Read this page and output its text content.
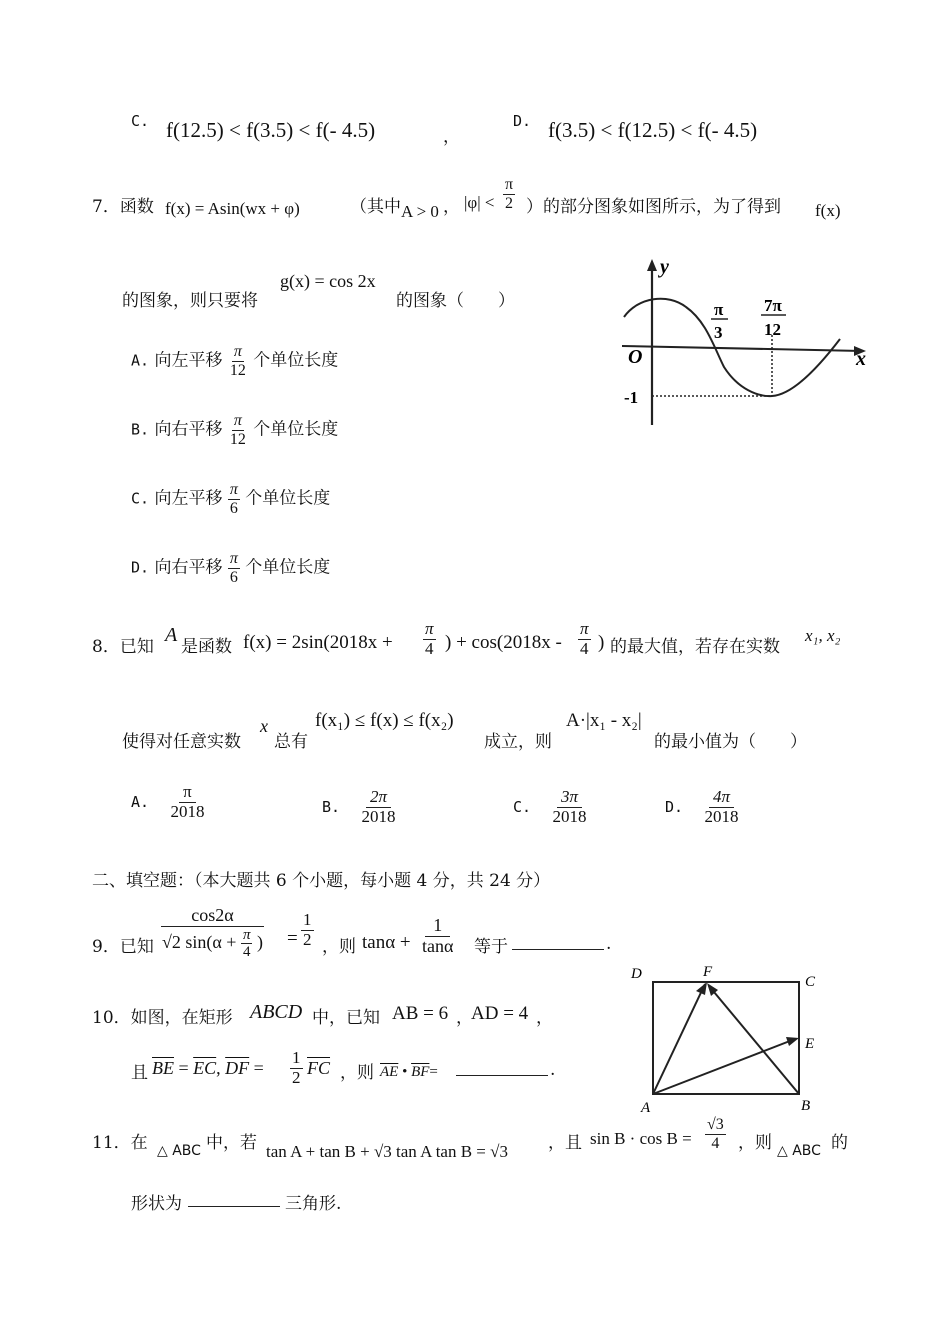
C. f(12.5) < f(3.5) < f(- 4.5)	，
D. f(3.5) < f(12.5) < f(- 4.5)
7．函数 f(x) = Asin(wx + φ)	（其中 A > 0 ， $|\varphi| < \frac{\pi}{2}$ ）的部分图象如图所示，为了得到 f(x)
的图象，则只要将
g(x) = cos 2x
的图象（　　）
A. 向左平移 $\frac{\pi}{12}$ 个单位长度
B. 向右平移 $\frac{\pi}{12}$ 个单位长度
C. 向左平移 $\frac{\pi}{6}$ 个单位长度
D. 向右平移 $\frac{\pi}{6}$ 个单位长度
y
x
O
-1
π
3
7π
12
8．已知
A
是函数 $f(x) = 2\sin(2018x + \frac{\pi}{4}$ ) + $\cos(2018x - \frac{\pi}{4}$ ) 的最大值，若存在实数
x₁, x₂
使得对任意实数
x
总有
f(x₁) ≤ f(x) ≤ f(x₂)
成立，则
A·|x₁ - x₂|
的最小值为（　　）
A. $\frac{\pi}{2018}$	B. $\frac{2\pi}{2018}$	C. $\frac{3\pi}{2018}$	D. $\frac{4\pi}{2018}$
二、填空题：（本大题共 6 个小题，每小题 4 分，共 24 分）
9．已知 $\frac{\cos 2\alpha}{√2 \sin(\alpha + \frac{\pi}{4} )} = \frac{1}{2}$ ，则 $\tan\alpha + \frac{1}{\tan\alpha}$ 等于	.
10．如图，在矩形 ABCD 中，已知 AB = 6 ，
AD = 4 ，
且 $\overline{BE} = \overline{EC}$, $\overline{DF} = \frac{1}{2} \overline{FC}$ ，则 $\overline{AE}$ • $\overline{BF}=$	.
D	F
C
E
A	B
11．在 △ ABC 中，若 tan A + tan B + √3 tan A tan B = √3 ，且 $\sin B \cdot \cos B = \frac{√3}{4}$ ，则 △ ABC 的
形状为	三角形.
